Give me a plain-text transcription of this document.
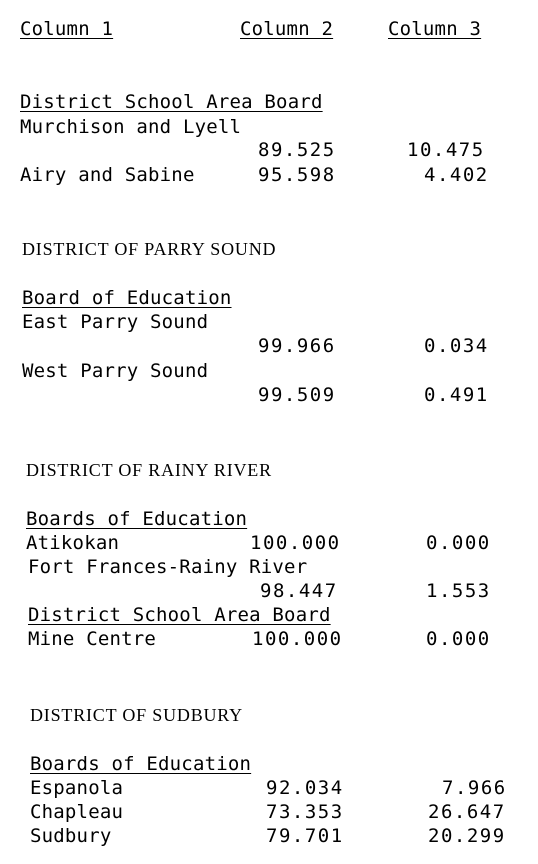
Column 1	Column 2	Column 3
District School Area Board
Murchison and Lyell
89.525	10.475
Airy and Sabine	95.598	4.402
DISTRICT OF PARRY SOUND
Board of Education
East Parry Sound
99.966	0.034
West Parry Sound
99.509	0.491
DISTRICT OF RAINY RIVER
Boards of Education
Atikokan	100.000	0.000
Fort Frances-Rainy River
98.447	1.553
District School Area Board
Mine Centre	100.000	0.000
DISTRICT OF SUDBURY
Boards of Education
Espanola	92.034	7.966
Chapleau	73.353	26.647
Sudbury	79.701	20.299
